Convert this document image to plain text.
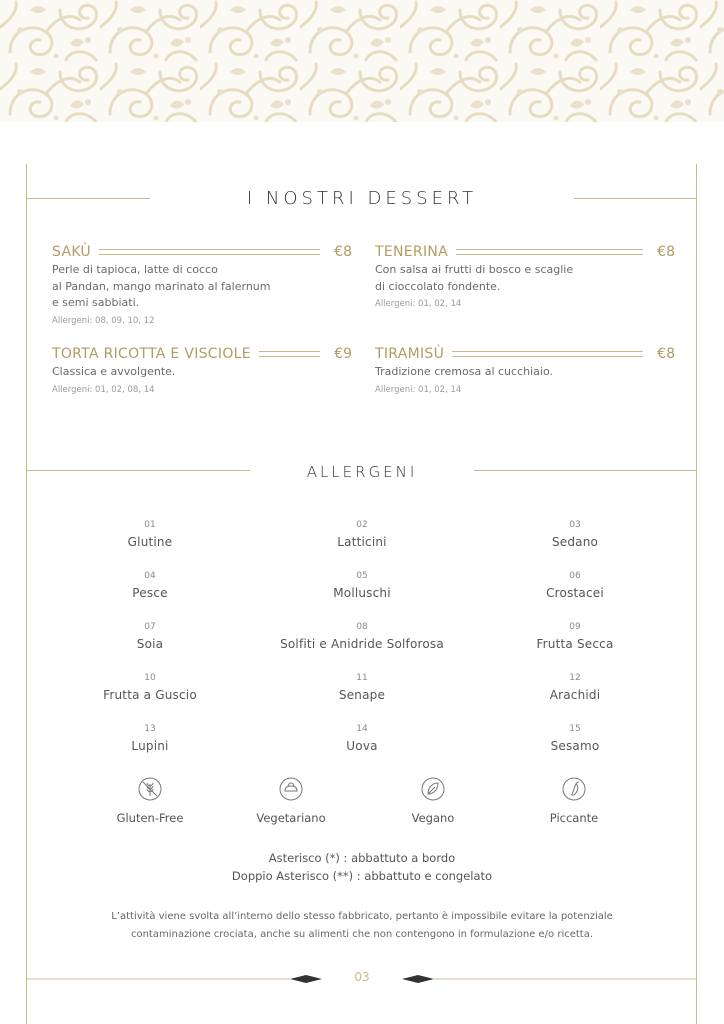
I NOSTRI DESSERT
ALLERGENI
SAKÙ	€8
Perle di tapioca, latte di cocco
al Pandan, mango marinato al falernum
e semi sabbiati.
Allergeni: 08, 09, 10, 12
TENERINA	€8
Con salsa ai frutti di bosco e scaglie
di cioccolato fondente.
Allergeni: 01, 02, 14
TORTA RICOTTA E VISCIOLE	€9
Classica e avvolgente.
Allergeni: 01, 02, 08, 14
TIRAMISÙ	€8
Tradizione cremosa al cucchiaio.
Allergeni: 01, 02, 14
01
Glutine
02
Latticini
03
Sedano
04
Pesce
05
Molluschi
06
Crostacei
07
Soia
08
Solfiti e Anidride Solforosa
09
Frutta Secca
10
Frutta a Guscio
11
Senape
12
Arachidi
13
Lupini
14
Uova
15
Sesamo
Gluten-Free	Vegetariano	Vegano	Piccante
Asterisco (*) : abbattuto a bordo
Doppio Asterisco (**) : abbattuto e congelato
L’attività viene svolta all’interno dello stesso fabbricato, pertanto è impossibile evitare la potenziale
contaminazione crociata, anche su alimenti che non contengono in formulazione e/o ricetta.
03
